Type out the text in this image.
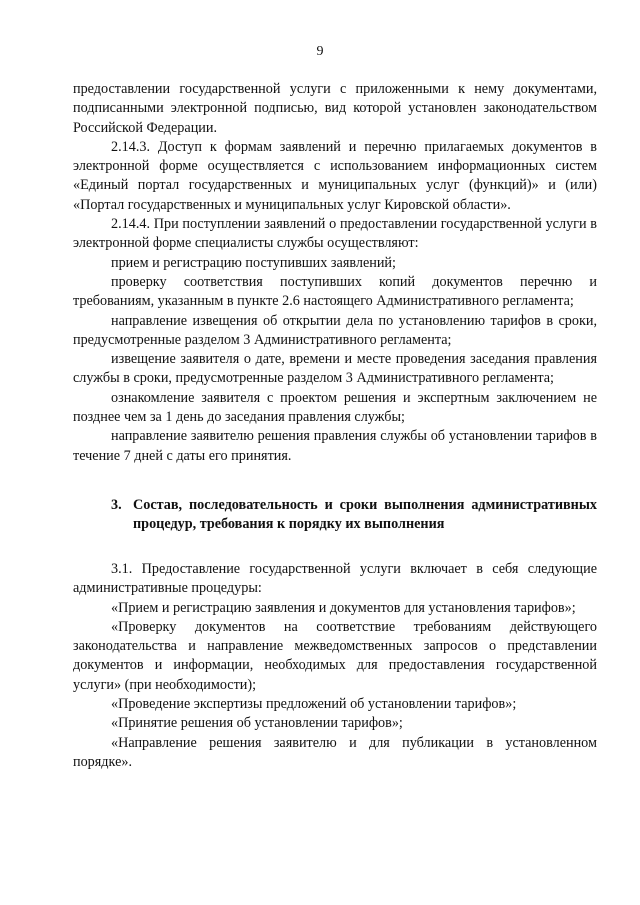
9

предоставлении государственной услуги с приложенными к нему документами, подписанными электронной подписью, вид которой установлен законодательством Российской Федерации.

2.14.3. Доступ к формам заявлений и перечню прилагаемых документов в электронной форме осуществляется с использованием информационных систем «Единый портал государственных и муниципальных услуг (функций)» и (или) «Портал государственных и муниципальных услуг Кировской области».

2.14.4. При поступлении заявлений о предоставлении государственной услуги в электронной форме специалисты службы осуществляют:

прием и регистрацию поступивших заявлений;

проверку соответствия поступивших копий документов перечню и требованиям, указанным в пункте 2.6 настоящего Административного регламента;

направление извещения об открытии дела по установлению тарифов в сроки, предусмотренные разделом 3 Административного регламента;

извещение заявителя о дате, времени и месте проведения заседания правления службы в сроки, предусмотренные разделом 3 Административного регламента;

ознакомление заявителя с проектом решения и экспертным заключением не позднее чем за 1 день до заседания правления службы;

направление заявителю решения правления службы об установлении тарифов в течение 7 дней с даты его принятия.

3. Состав, последовательность и сроки выполнения административных процедур, требования к порядку их выполнения

3.1. Предоставление государственной услуги включает в себя следующие административные процедуры:

«Прием и регистрацию заявления и документов для установления тарифов»;

«Проверку документов на соответствие требованиям действующего законодательства и направление межведомственных запросов о представлении документов и информации, необходимых для предоставления государственной услуги» (при необходимости);

«Проведение экспертизы предложений об установлении тарифов»;

«Принятие решения об установлении тарифов»;

«Направление решения заявителю и для публикации в установленном порядке».
